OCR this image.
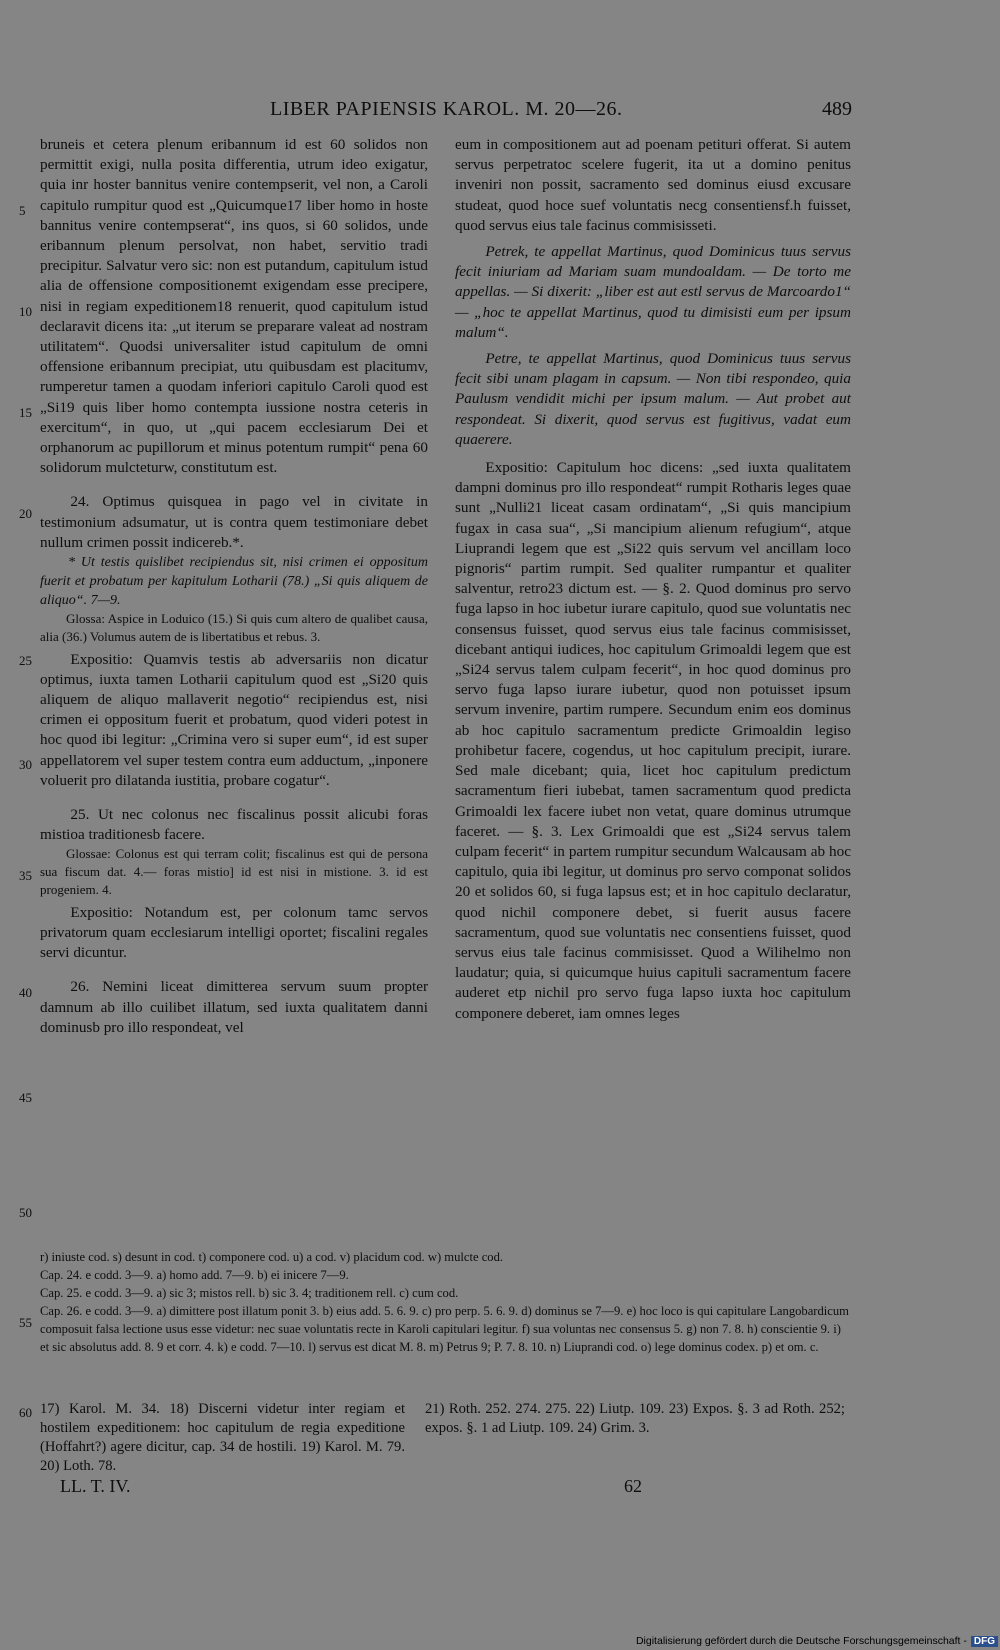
LIBER PAPIENSIS KAROL. M. 20—26.	489
5
10
15
20
25
30
35
40
45
50
55
60

bruneis et cetera plenum eribannum id est 60 solidos non permittit exigi, nulla posita differentia, utrum ideo exigatur, quia inr hoster bannitus venire contempserit, vel non, a Caroli capitulo rumpitur quod est „Quicumque17 liber homo in hoste bannitus venire contempserat“, ins quos, si 60 solidos, unde eribannum plenum persolvat, non habet, servitio tradi precipitur. Salvatur vero sic: non est putandum, capitulum istud alia de offensione compositionemt exigendam esse precipere, nisi in regiam expeditionem18 renuerit, quod capitulum istud declaravit dicens ita: „ut iterum se preparare valeat ad nostram utilitatem“. Quodsi universaliter istud capitulum de omni offensione eribannum precipiat, utu quibusdam est placitumv, rumperetur tamen a quodam inferiori capitulo Caroli quod est „Si19 quis liber homo contempta iussione nostra ceteris in exercitum“, in quo, ut „qui pacem ecclesiarum Dei et orphanorum ac pupillorum et minus potentum rumpit“ pena 60 solidorum mulcteturw, constitutum est.

24. Optimus quisquea in pago vel in civitate in testimonium adsumatur, ut is contra quem testimoniare debet nullum crimen possit indicereb.*.

* Ut testis quislibet recipiendus sit, nisi crimen ei oppositum fuerit et probatum per kapitulum Lotharii (78.) „Si quis aliquem de aliquo“. 7—9.

Glossa: Aspice in Loduico (15.) Si quis cum altero de qualibet causa, alia (36.) Volumus autem de is libertatibus et rebus. 3.

Expositio: Quamvis testis ab adversariis non dicatur optimus, iuxta tamen Lotharii capitulum quod est „Si20 quis aliquem de aliquo mallaverit negotio“ recipiendus est, nisi crimen ei oppositum fuerit et probatum, quod videri potest in hoc quod ibi legitur: „Crimina vero si super eum“, id est super appellatorem vel super testem contra eum adductum, „inponere voluerit pro dilatanda iustitia, probare cogatur“.

25. Ut nec colonus nec fiscalinus possit alicubi foras mistioa traditionesb facere.

Glossae: Colonus est qui terram colit; fiscalinus est qui de persona sua fiscum dat. 4.— foras mistio] id est nisi in mistione. 3. id est progeniem. 4.

Expositio: Notandum est, per colonum tamc servos privatorum quam ecclesiarum intelligi oportet; fiscalini regales servi dicuntur.

26. Nemini liceat dimitterea servum suum propter damnum ab illo cuilibet illatum, sed iuxta qualitatem danni dominusb pro illo respondeat, vel

eum in compositionem aut ad poenam petituri offerat. Si autem servus perpetratoc scelere fugerit, ita ut a domino penitus inveniri non possit, sacramento sed dominus eiusd excusare studeat, quod hoce suef voluntatis necg consentiensf.h fuisset, quod servus eius tale facinus commisisseti.

Petrek, te appellat Martinus, quod Dominicus tuus servus fecit iniuriam ad Mariam suam mundoaldam. — De torto me appellas. — Si dixerit: „liber est aut estl servus de Marcoardo1“ — „hoc te appellat Martinus, quod tu dimisisti eum per ipsum malum“.

Petre, te appellat Martinus, quod Dominicus tuus servus fecit sibi unam plagam in capsum. — Non tibi respondeo, quia Paulusm vendidit michi per ipsum malum. — Aut probet aut respondeat. Si dixerit, quod servus est fugitivus, vadat eum quaerere.

Expositio: Capitulum hoc dicens: „sed iuxta qualitatem dampni dominus pro illo respondeat“ rumpit Rotharis leges quae sunt „Nulli21 liceat casam ordinatam“, „Si quis mancipium fugax in casa sua“, „Si mancipium alienum refugium“, atque Liuprandi legem que est „Si22 quis servum vel ancillam loco pignoris“ partim rumpit. Sed qualiter rumpantur et qualiter salventur, retro23 dictum est. — §. 2. Quod dominus pro servo fuga lapso in hoc iubetur iurare capitulo, quod sue voluntatis nec consensus fuisset, quod servus eius tale facinus commisisset, dicebant antiqui iudices, hoc capitulum Grimoaldi legem que est „Si24 servus talem culpam fecerit“, in hoc quod dominus pro servo fuga lapso iurare iubetur, quod non potuisset ipsum servum invenire, partim rumpere. Secundum enim eos dominus ab hoc capitulo sacramentum predicte Grimoaldin legiso prohibetur facere, cogendus, ut hoc capitulum precipit, iurare. Sed male dicebant; quia, licet hoc capitulum predictum sacramentum fieri iubebat, tamen sacramentum quod predicta Grimoaldi lex facere iubet non vetat, quare dominus utrumque faceret. — §. 3. Lex Grimoaldi que est „Si24 servus talem culpam fecerit“ in partem rumpitur secundum Walcausam ab hoc capitulo, quia ibi legitur, ut dominus pro servo componat solidos 20 et solidos 60, si fuga lapsus est; et in hoc capitulo declaratur, quod nichil componere debet, si fuerit ausus facere sacramentum, quod sue voluntatis nec consentiens fuisset, quod servus eius tale facinus commisisset. Quod a Wilihelmo non laudatur; quia, si quicumque huius capituli sacramentum facere auderet etp nichil pro servo fuga lapso iuxta hoc capitulum componere deberet, iam omnes leges

r) iniuste cod. s) desunt in cod. t) componere cod. u) a cod. v) placidum cod. w) mulcte cod.

Cap. 24. e codd. 3—9. a) homo add. 7—9. b) ei inicere 7—9.

Cap. 25. e codd. 3—9. a) sic 3; mistos rell. b) sic 3. 4; traditionem rell. c) cum cod.

Cap. 26. e codd. 3—9. a) dimittere post illatum ponit 3. b) eius add. 5. 6. 9. c) pro perp. 5. 6. 9. d) dominus se 7—9. e) hoc loco is qui capitulare Langobardicum composuit falsa lectione usus esse videtur: nec suae voluntatis recte in Karoli capitulari legitur. f) sua voluntas nec consensus 5. g) non 7. 8. h) conscientie 9. i) et sic absolutus add. 8. 9 et corr. 4. k) e codd. 7—10. l) servus est dicat M. 8. m) Petrus 9; P. 7. 8. 10. n) Liuprandi cod. o) lege dominus codex. p) et om. c.

17) Karol. M. 34. 18) Discerni videtur inter regiam et hostilem expeditionem: hoc capitulum de regia expeditione (Hoffahrt?) agere dicitur, cap. 34 de hostili. 19) Karol. M. 79. 20) Loth. 78.

21) Roth. 252. 274. 275. 22) Liutp. 109. 23) Expos. §. 3 ad Roth. 252; expos. §. 1 ad Liutp. 109. 24) Grim. 3.

LL. T. IV.	62
Digitalisierung gefördert durch die Deutsche Forschungsgemeinschaft - DFG
